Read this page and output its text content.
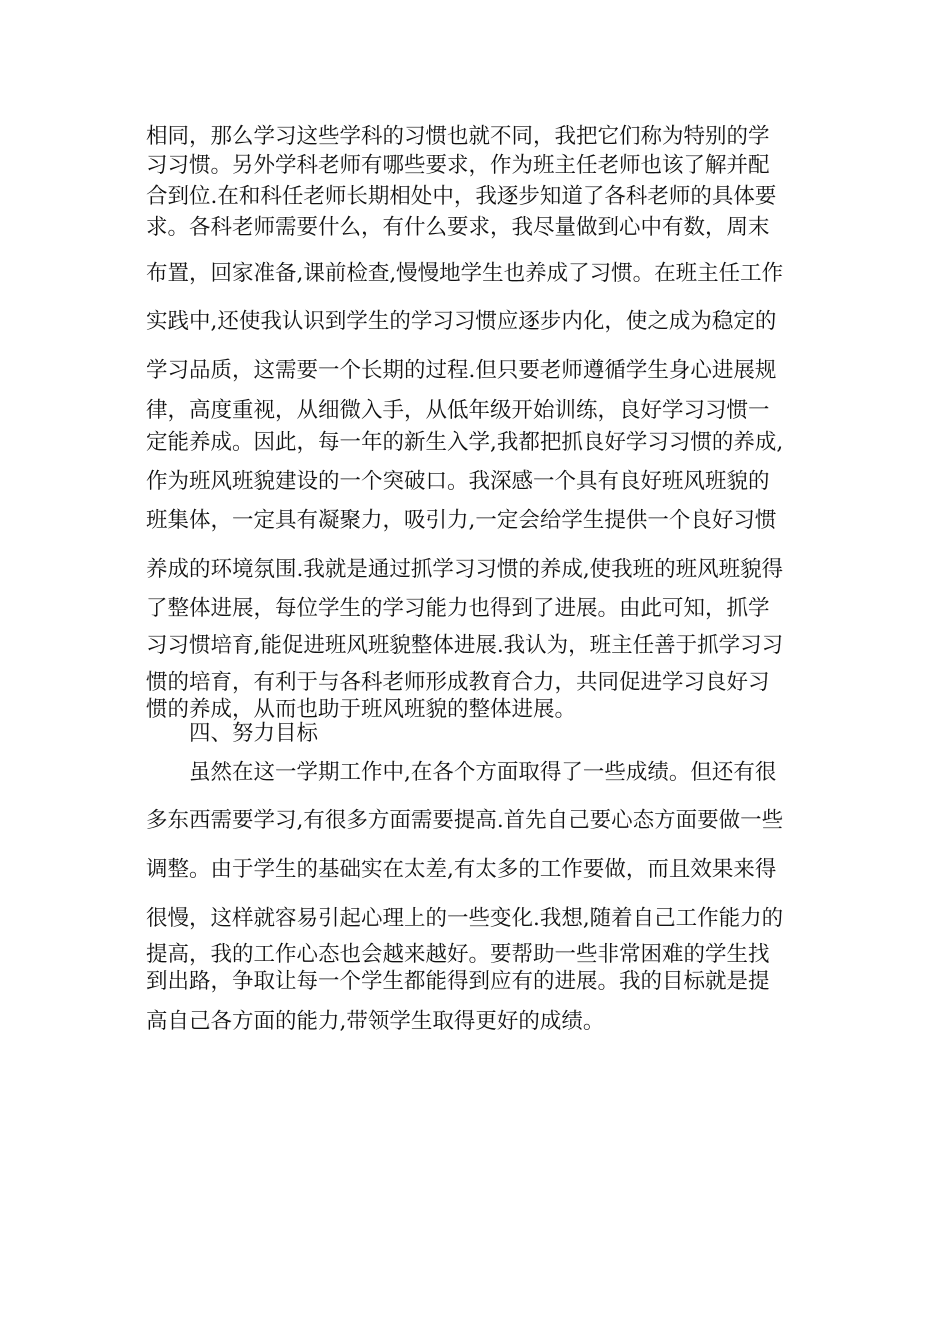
相同，那么学习这些学科的习惯也就不同，我把它们称为特别的学
习习惯。另外学科老师有哪些要求，作为班主任老师也该了解并配
合到位.在和科任老师长期相处中，我逐步知道了各科老师的具体要
求。各科老师需要什么，有什么要求，我尽量做到心中有数，周末
布置，回家准备,课前检查,慢慢地学生也养成了习惯。在班主任工作
实践中,还使我认识到学生的学习习惯应逐步内化，使之成为稳定的
学习品质，这需要一个长期的过程.但只要老师遵循学生身心进展规
律，高度重视，从细微入手，从低年级开始训练，良好学习习惯一
定能养成。因此，每一年的新生入学,我都把抓良好学习习惯的养成,
作为班风班貌建设的一个突破口。我深感一个具有良好班风班貌的
班集体，一定具有凝聚力，吸引力,一定会给学生提供一个良好习惯
养成的环境氛围.我就是通过抓学习习惯的养成,使我班的班风班貌得
了整体进展，每位学生的学习能力也得到了进展。由此可知，抓学
习习惯培育,能促进班风班貌整体进展.我认为，班主任善于抓学习习
惯的培育，有利于与各科老师形成教育合力，共同促进学习良好习
惯的养成，从而也助于班风班貌的整体进展。
四、努力目标
虽然在这一学期工作中,在各个方面取得了一些成绩。但还有很
多东西需要学习,有很多方面需要提高.首先自己要心态方面要做一些
调整。由于学生的基础实在太差,有太多的工作要做，而且效果来得
很慢，这样就容易引起心理上的一些变化.我想,随着自己工作能力的
提高，我的工作心态也会越来越好。要帮助一些非常困难的学生找
到出路，争取让每一个学生都能得到应有的进展。我的目标就是提
高自己各方面的能力,带领学生取得更好的成绩。
